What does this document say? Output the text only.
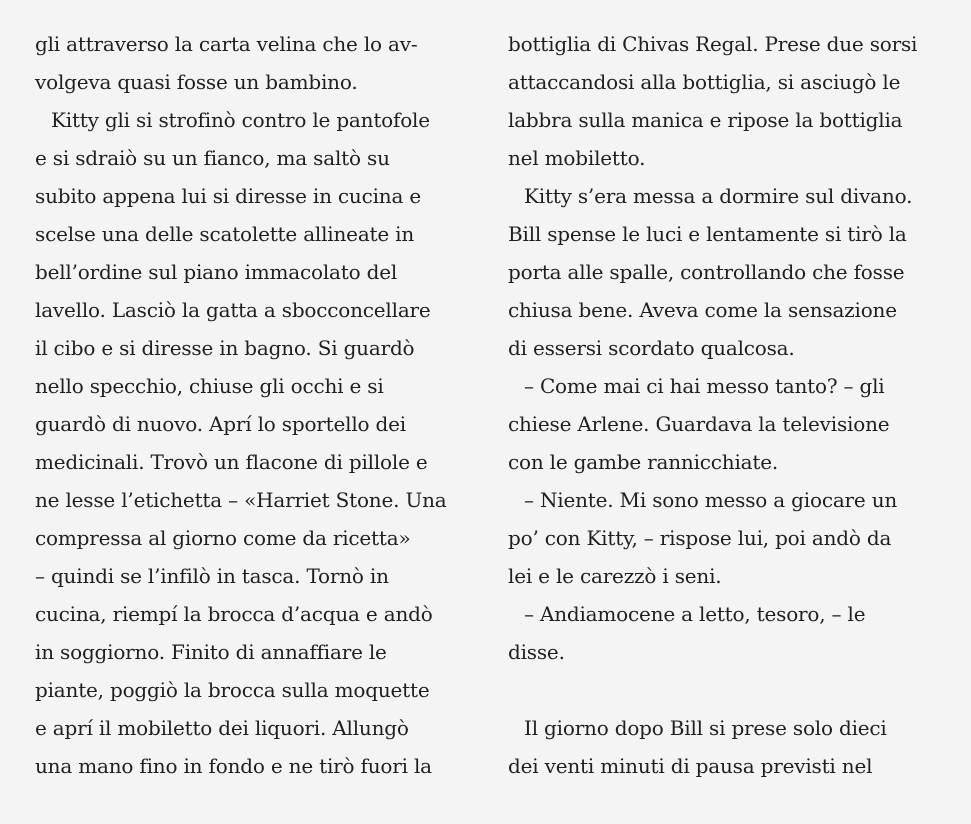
gli attraverso la carta velina che lo av-
volgeva quasi fosse un bambino.
Kitty gli si strofinò contro le pantofole
e si sdraiò su un fianco, ma saltò su
subito appena lui si diresse in cucina e
scelse una delle scatolette allineate in
bell’ordine sul piano immacolato del
lavello. Lasciò la gatta a sbocconcellare
il cibo e si diresse in bagno. Si guardò
nello specchio, chiuse gli occhi e si
guardò di nuovo. Aprí lo sportello dei
medicinali. Trovò un flacone di pillole e
ne lesse l’etichetta – «Harriet Stone. Una
compressa al giorno come da ricetta»
– quindi se l’infilò in tasca. Tornò in
cucina, riempí la brocca d’acqua e andò
in soggiorno. Finito di annaffiare le
piante, poggiò la brocca sulla moquette
e aprí il mobiletto dei liquori. Allungò
una mano fino in fondo e ne tirò fuori la
bottiglia di Chivas Regal. Prese due sorsi
attaccandosi alla bottiglia, si asciugò le
labbra sulla manica e ripose la bottiglia
nel mobiletto.
Kitty s’era messa a dormire sul divano.
Bill spense le luci e lentamente si tirò la
porta alle spalle, controllando che fosse
chiusa bene. Aveva come la sensazione
di essersi scordato qualcosa.
– Come mai ci hai messo tanto? – gli
chiese Arlene. Guardava la televisione
con le gambe rannicchiate.
– Niente. Mi sono messo a giocare un
po’ con Kitty, – rispose lui, poi andò da
lei e le carezzò i seni.
– Andiamocene a letto, tesoro, – le
disse.
Il giorno dopo Bill si prese solo dieci
dei venti minuti di pausa previsti nel
